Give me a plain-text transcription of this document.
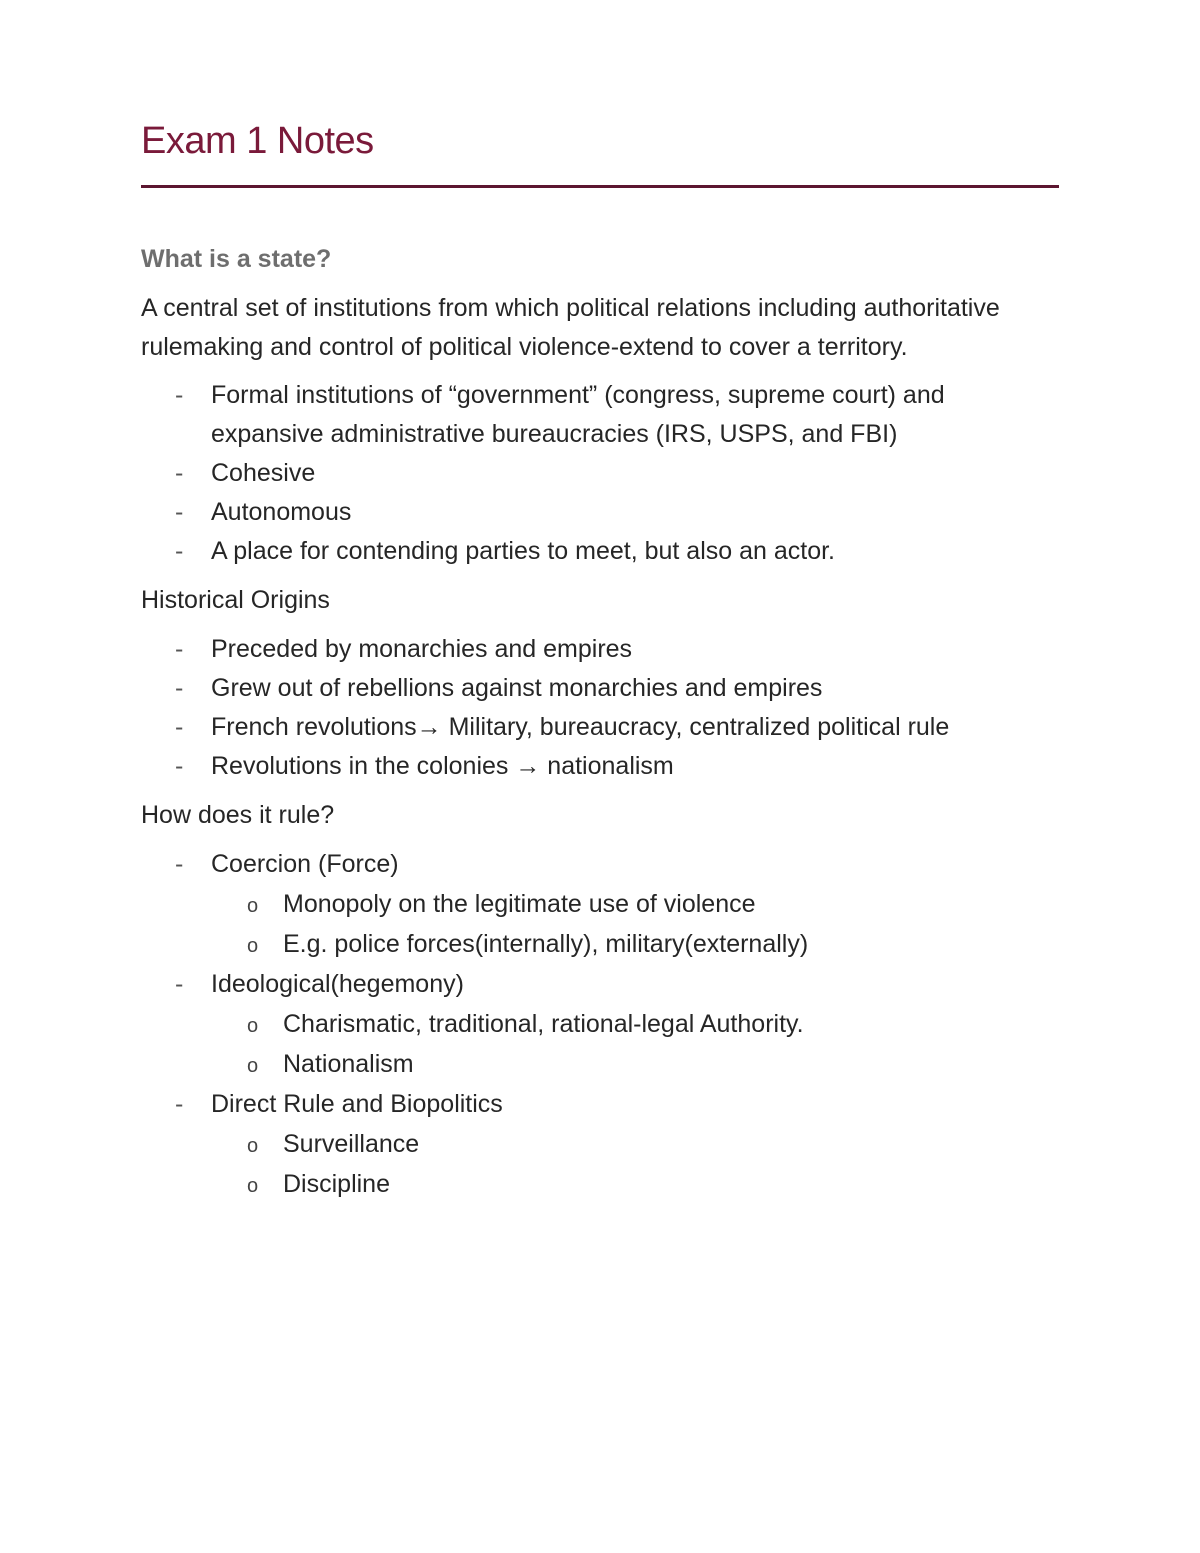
Exam 1 Notes

What is a state?

A central set of institutions from which political relations including authoritative rulemaking and control of political violence-extend to cover a territory.

- Formal institutions of “government” (congress, supreme court) and expansive administrative bureaucracies (IRS, USPS, and FBI)
- Cohesive
- Autonomous
- A place for contending parties to meet, but also an actor.

Historical Origins

- Preceded by monarchies and empires
- Grew out of rebellions against monarchies and empires
- French revolutions→ Military, bureaucracy, centralized political rule
- Revolutions in the colonies → nationalism

How does it rule?

- Coercion (Force)
o Monopoly on the legitimate use of violence
o E.g. police forces(internally), military(externally)
- Ideological(hegemony)
o Charismatic, traditional, rational-legal Authority.
o Nationalism
- Direct Rule and Biopolitics
o Surveillance
o Discipline
